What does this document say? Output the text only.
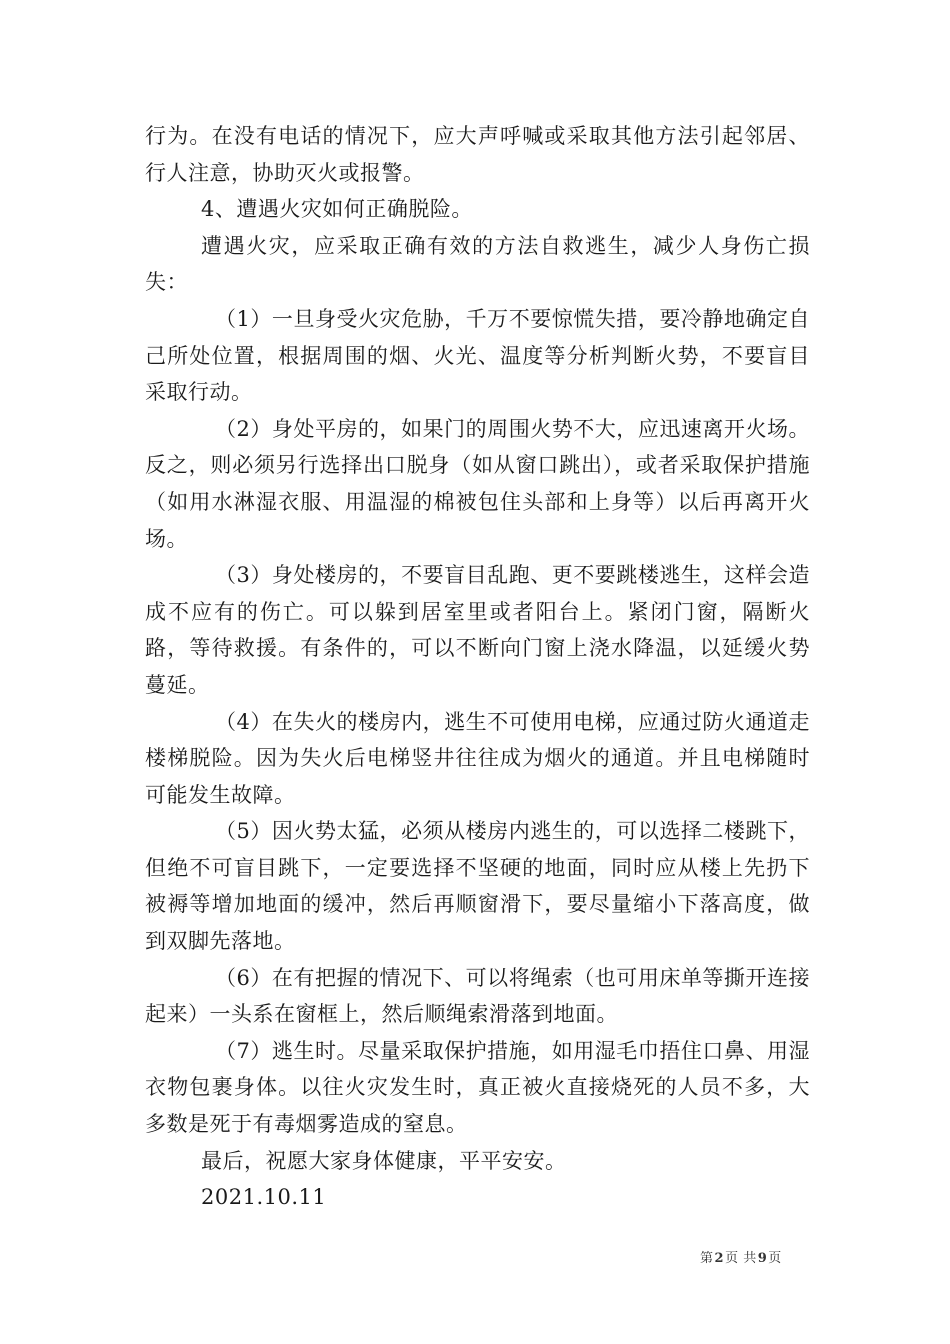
行为。在没有电话的情况下，应大声呼喊或采取其他方法引起邻居、行人注意，协助灭火或报警。

4、遭遇火灾如何正确脱险。

遭遇火灾，应采取正确有效的方法自救逃生，减少人身伤亡损失：

（1）一旦身受火灾危胁，千万不要惊慌失措，要冷静地确定自己所处位置，根据周围的烟、火光、温度等分析判断火势，不要盲目采取行动。

（2）身处平房的，如果门的周围火势不大，应迅速离开火场。反之，则必须另行选择出口脱身（如从窗口跳出），或者采取保护措施（如用水淋湿衣服、用温湿的棉被包住头部和上身等）以后再离开火场。

（3）身处楼房的，不要盲目乱跑、更不要跳楼逃生，这样会造成不应有的伤亡。可以躲到居室里或者阳台上。紧闭门窗，隔断火路，等待救援。有条件的，可以不断向门窗上浇水降温，以延缓火势蔓延。

（4）在失火的楼房内，逃生不可使用电梯，应通过防火通道走楼梯脱险。因为失火后电梯竖井往往成为烟火的通道。并且电梯随时可能发生故障。

（5）因火势太猛，必须从楼房内逃生的，可以选择二楼跳下，但绝不可盲目跳下，一定要选择不坚硬的地面，同时应从楼上先扔下被褥等增加地面的缓冲，然后再顺窗滑下，要尽量缩小下落高度，做到双脚先落地。

（6）在有把握的情况下、可以将绳索（也可用床单等撕开连接起来）一头系在窗框上，然后顺绳索滑落到地面。

（7）逃生时。尽量采取保护措施，如用湿毛巾捂住口鼻、用湿衣物包裹身体。以往火灾发生时，真正被火直接烧死的人员不多，大多数是死于有毒烟雾造成的窒息。

最后，祝愿大家身体健康，平平安安。

2021.10.11

第2页 共9页
